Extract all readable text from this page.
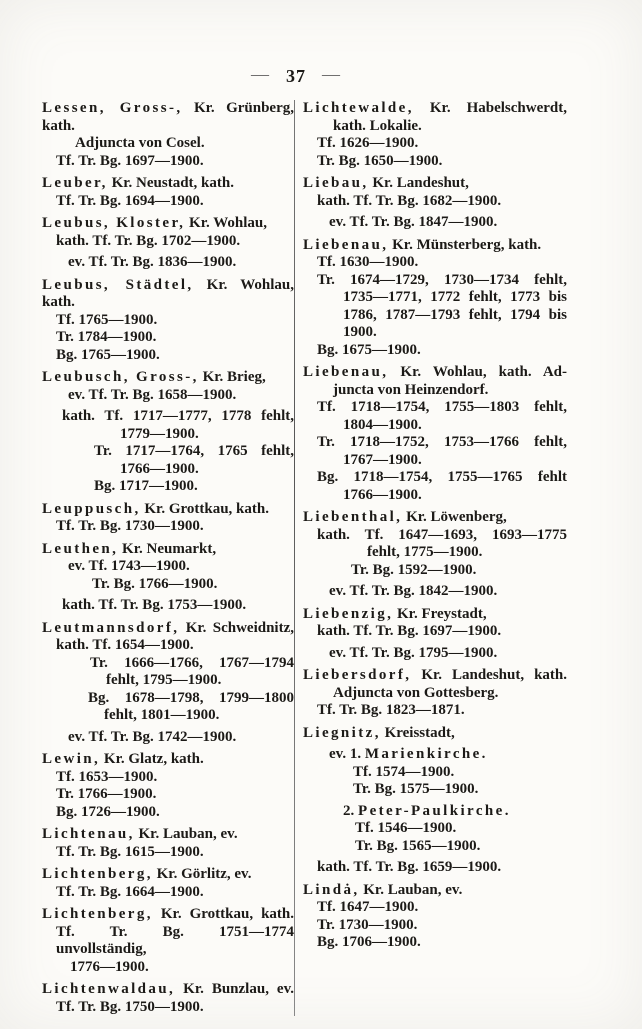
— 37 —
Lessen, Gross-, Kr. Grünberg, kath.
Adjuncta von Cosel.
Tf. Tr. Bg. 1697—1900.
Leuber, Kr. Neustadt, kath.
Tf. Tr. Bg. 1694—1900.
Leubus, Kloster, Kr. Wohlau,
kath. Tf. Tr. Bg. 1702—1900.
ev. Tf. Tr. Bg. 1836—1900.
Leubus, Städtel, Kr. Wohlau, kath.
Tf. 1765—1900.
Tr. 1784—1900.
Bg. 1765—1900.
Leubusch, Gross-, Kr. Brieg,
ev. Tf. Tr. Bg. 1658—1900.
kath. Tf. 1717—1777, 1778 fehlt,
1779—1900.
Tr. 1717—1764, 1765 fehlt,
1766—1900.
Bg. 1717—1900.
Leuppusch, Kr. Grottkau, kath.
Tf. Tr. Bg. 1730—1900.
Leuthen, Kr. Neumarkt,
ev. Tf. 1743—1900.
Tr. Bg. 1766—1900.
kath. Tf. Tr. Bg. 1753—1900.
Leutmannsdorf, Kr. Schweidnitz,
kath. Tf. 1654—1900.
Tr. 1666—1766, 1767—1794
fehlt, 1795—1900.
Bg. 1678—1798, 1799—1800
fehlt, 1801—1900.
ev. Tf. Tr. Bg. 1742—1900.
Lewin, Kr. Glatz, kath.
Tf. 1653—1900.
Tr. 1766—1900.
Bg. 1726—1900.
Lichtenau, Kr. Lauban, ev.
Tf. Tr. Bg. 1615—1900.
Lichtenberg, Kr. Görlitz, ev.
Tf. Tr. Bg. 1664—1900.
Lichtenberg, Kr. Grottkau, kath.
Tf. Tr. Bg. 1751—1774 unvollständig,
1776—1900.
Lichtenwaldau, Kr. Bunzlau, ev.
Tf. Tr. Bg. 1750—1900.
Lichtewalde, Kr. Habelschwerdt,
kath. Lokalie.
Tf. 1626—1900.
Tr. Bg. 1650—1900.
Liebau, Kr. Landeshut,
kath. Tf. Tr. Bg. 1682—1900.
ev. Tf. Tr. Bg. 1847—1900.
Liebenau, Kr. Münsterberg, kath.
Tf. 1630—1900.
Tr. 1674—1729, 1730—1734 fehlt,
1735—1771, 1772 fehlt, 1773 bis
1786, 1787—1793 fehlt, 1794 bis
1900.
Bg. 1675—1900.
Liebenau, Kr. Wohlau, kath. Ad-
juncta von Heinzendorf.
Tf. 1718—1754, 1755—1803 fehlt,
1804—1900.
Tr. 1718—1752, 1753—1766 fehlt,
1767—1900.
Bg. 1718—1754, 1755—1765 fehlt
1766—1900.
Liebenthal, Kr. Löwenberg,
kath. Tf. 1647—1693, 1693—1775
fehlt, 1775—1900.
Tr. Bg. 1592—1900.
ev. Tf. Tr. Bg. 1842—1900.
Liebenzig, Kr. Freystadt,
kath. Tf. Tr. Bg. 1697—1900.
ev. Tf. Tr. Bg. 1795—1900.
Liebersdorf, Kr. Landeshut, kath.
Adjuncta von Gottesberg.
Tf. Tr. Bg. 1823—1871.
Liegnitz, Kreisstadt,
ev. 1. Marienkirche.
Tf. 1574—1900.
Tr. Bg. 1575—1900.
2. Peter-Paulkirche.
Tf. 1546—1900.
Tr. Bg. 1565—1900.
kath. Tf. Tr. Bg. 1659—1900.
Lindȧ, Kr. Lauban, ev.
Tf. 1647—1900.
Tr. 1730—1900.
Bg. 1706—1900.
